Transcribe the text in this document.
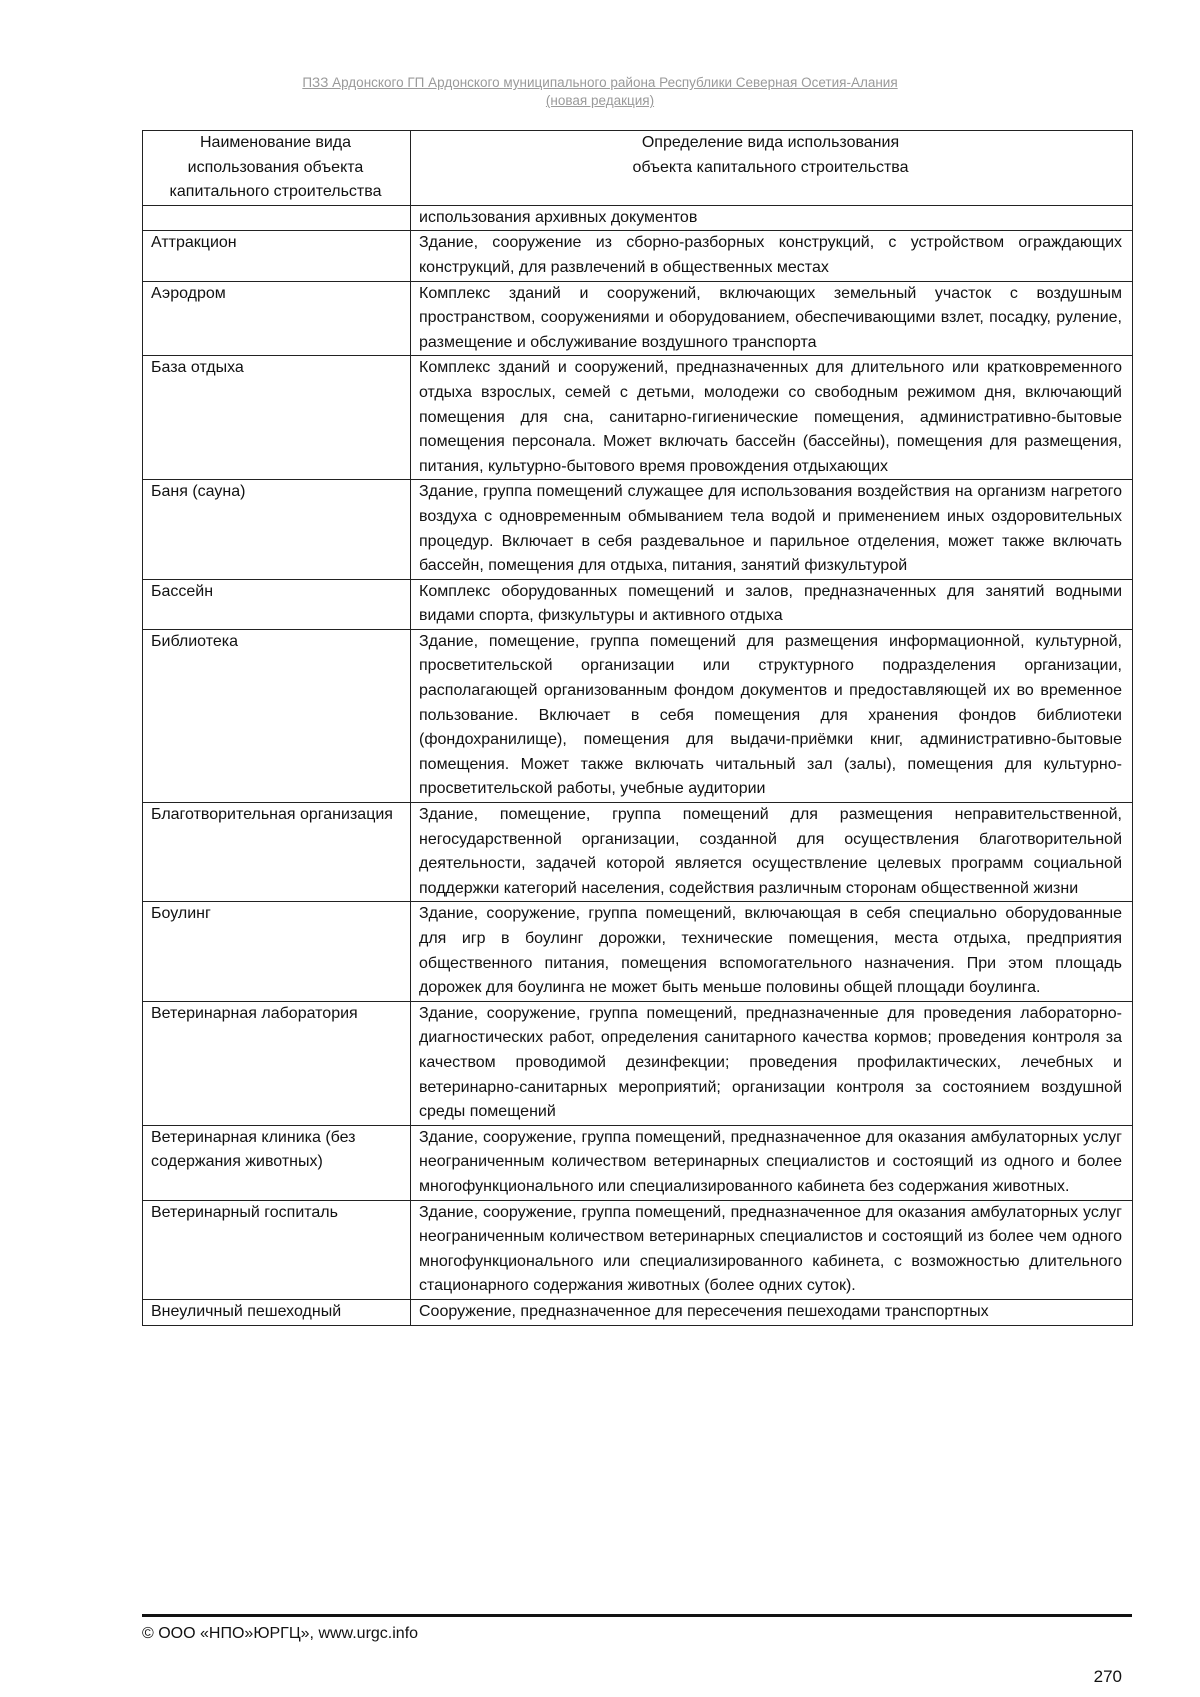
ПЗЗ Ардонского ГП Ардонского муниципального района Республики Северная Осетия-Алания
(новая редакция)
Наименование вида использования объекта капитального строительства	Определение вида использования
объекта капитального строительства

	использования архивных документов
Аттракцион	Здание, сооружение из сборно-разборных конструкций, с устройством ограждающих конструкций, для развлечений в общественных местах
Аэродром	Комплекс зданий и сооружений, включающих земельный участок с воздушным пространством, сооружениями и оборудованием, обеспечивающими взлет, посадку, руление, размещение и обслуживание воздушного транспорта
База отдыха	Комплекс зданий и сооружений, предназначенных для длительного или кратковременного отдыха взрослых, семей с детьми, молодежи со свободным режимом дня, включающий помещения для сна, санитарно-гигиенические помещения, административно-бытовые помещения персонала. Может включать бассейн (бассейны), помещения для размещения, питания, культурно-бытового время провождения отдыхающих
Баня (сауна)	Здание, группа помещений служащее для использования воздействия на организм нагретого воздуха с одновременным обмыванием тела водой и применением иных оздоровительных процедур. Включает в себя раздевальное и парильное отделения, может также включать бассейн, помещения для отдыха, питания, занятий физкультурой
Бассейн	Комплекс оборудованных помещений и залов, предназначенных для занятий водными видами спорта, физкультуры и активного отдыха
Библиотека	Здание, помещение, группа помещений для размещения информационной, культурной, просветительской организации или структурного подразделения организации, располагающей организованным фондом документов и предоставляющей их во временное пользование. Включает в себя помещения для хранения фондов библиотеки (фондохранилище), помещения для выдачи-приёмки книг, административно-бытовые помещения. Может также включать читальный зал (залы), помещения для культурно-просветительской работы, учебные аудитории
Благотворительная организация	Здание, помещение, группа помещений для размещения неправительственной, негосударственной организации, созданной для осуществления благотворительной деятельности, задачей которой является осуществление целевых программ социальной поддержки категорий населения, содействия различным сторонам общественной жизни
Боулинг	Здание, сооружение, группа помещений, включающая в себя специально оборудованные для игр в боулинг дорожки, технические помещения, места отдыха, предприятия общественного питания, помещения вспомогательного назначения. При этом площадь дорожек для боулинга не может быть меньше половины общей площади боулинга.
Ветеринарная лаборатория	Здание, сооружение, группа помещений, предназначенные для проведения лабораторно-диагностических работ, определения санитарного качества кормов; проведения контроля за качеством проводимой дезинфекции; проведения профилактических, лечебных и ветеринарно-санитарных мероприятий; организации контроля за состоянием воздушной среды помещений
Ветеринарная клиника (без содержания животных)	Здание, сооружение, группа помещений, предназначенное для оказания амбулаторных услуг неограниченным количеством ветеринарных специалистов и состоящий из одного и более многофункционального или специализированного кабинета без содержания животных.
Ветеринарный госпиталь	Здание, сооружение, группа помещений, предназначенное для оказания амбулаторных услуг неограниченным количеством ветеринарных специалистов и состоящий из более чем одного многофункционального или специализированного кабинета, с возможностью длительного стационарного содержания животных (более одних суток).
Внеуличный пешеходный	Сооружение, предназначенное для пересечения пешеходами транспортных
© ООО «НПО»ЮРГЦ», www.urgc.info
270
